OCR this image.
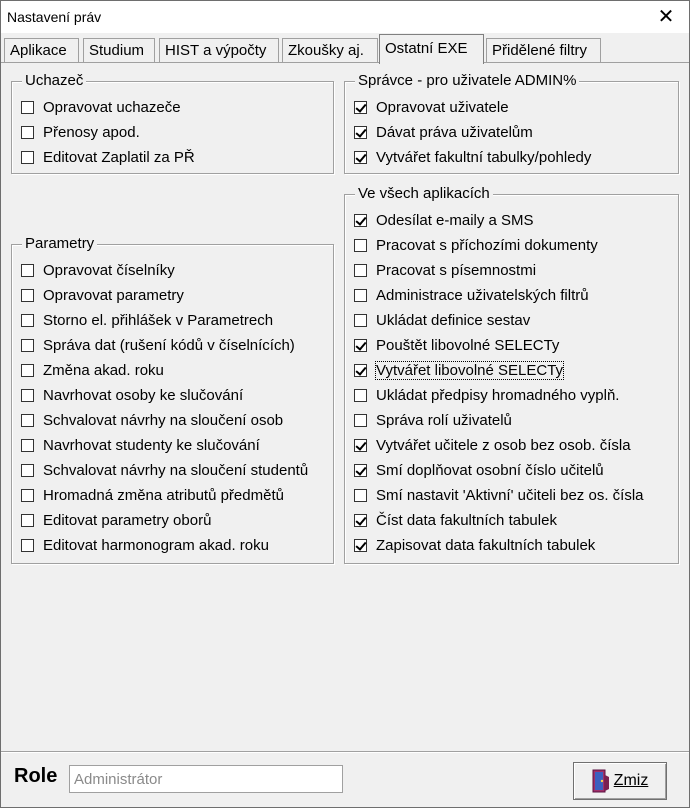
Nastavení práv	✕
Aplikace	Studium	HIST a výpočty	Zkoušky aj.	Ostatní EXE	Přidělené filtry
Uchazeč
Opravovat uchazeče
Přenosy apod.
Editovat Zaplatil za PŘ
Parametry
Opravovat číselníky
Opravovat parametry
Storno el. přihlášek v Parametrech
Správa dat (rušení kódů v číselnících)
Změna akad. roku
Navrhovat osoby ke slučování
Schvalovat návrhy na sloučení osob
Navrhovat studenty ke slučování
Schvalovat návrhy na sloučení studentů
Hromadná změna atributů předmětů
Editovat parametry oborů
Editovat harmonogram akad. roku
Správce - pro uživatele ADMIN%
Opravovat uživatele
Dávat práva uživatelům
Vytvářet fakultní tabulky/pohledy
Ve všech aplikacích
Odesílat e-maily a SMS
Pracovat s příchozími dokumenty
Pracovat s písemnostmi
Administrace uživatelských filtrů
Ukládat definice sestav
Pouštět libovolné SELECTy
Vytvářet libovolné SELECTy
Ukládat předpisy hromadného vyplň.
Správa rolí uživatelů
Vytvářet učitele z osob bez osob. čísla
Smí doplňovat osobní číslo učitelů
Smí nastavit 'Aktivní' učiteli bez os. čísla
Číst data fakultních tabulek
Zapisovat data fakultních tabulek
Role
Administrátor	Zmiz
